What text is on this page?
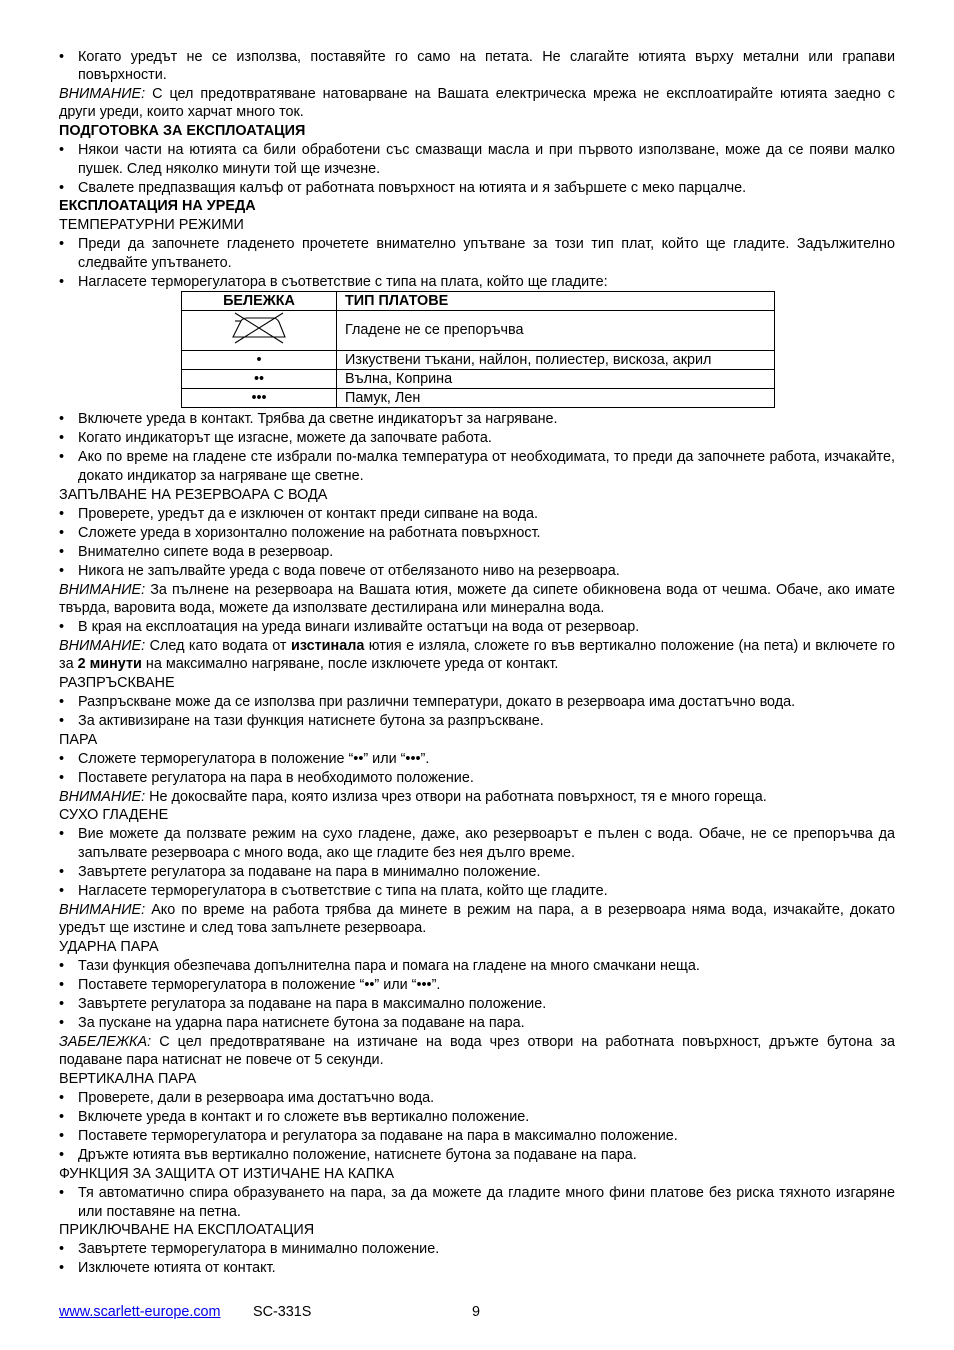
• Когато уредът не се използва, поставяйте го само на петата. Не слагайте ютията върху метални или грапави повърхности.

ВНИМАНИЕ: С цел предотвратяване натоварване на Вашата електрическа мрежа не експлоатирайте ютията заедно с други уреди, които харчат много ток.

ПОДГОТОВКА ЗА ЕКСПЛОАТАЦИЯ

• Някои части на ютията са били обработени със смазващи масла и при първото използване, може да се появи малко пушек. След няколко минути той ще изчезне.
• Свалете предпазващия калъф от работната повърхност на ютията и я забършете с меко парцалче.

ЕКСПЛОАТАЦИЯ НА УРЕДА

ТЕМПЕРАТУРНИ РЕЖИМИ

• Преди да започнете гладенето прочетете внимателно упътване за този тип плат, който ще гладите. Задължително следвайте упътването.
• Нагласете терморегулатора в съответствие с типа на плата, който ще гладите:
БЕЛЕЖКА	ТИП ПЛАТОВЕ
	Гладене не се препоръчва
•	Изкуствени тъкани, найлон, полиестер, вискоза, акрил
••	Вълна, Коприна
•••	Памук, Лен
• Включете уреда в контакт. Трябва да светне индикаторът за нагряване.
• Когато индикаторът ще изгасне, можете да започвате работа.
• Ако по време на гладене сте избрали по-малка температура от необходимата, то преди да започнете работа, изчакайте, докато индикатор за нагряване ще светне.

ЗАПЪЛВАНЕ НА РЕЗЕРВОАРА С ВОДА

• Проверете, уредът да е изключен от контакт преди сипване на вода.
• Сложете уреда в хоризонтално положение на работната повърхност.
• Внимателно сипете вода в резервоар.
• Никога не запълвайте уреда с вода повече от отбелязаното ниво на резервоара.

ВНИМАНИЕ: За пълнене на резервоара на Вашата ютия, можете да сипете обикновена вода от чешма. Обаче, ако имате твърда, варовита вода, можете да използвате дестилирана или минерална вода.

• В края на експлоатация на уреда винаги изливайте остатъци на вода от резервоар.

ВНИМАНИЕ: След като водата от изстинала ютия е изляла, сложете го във вертикално положение (на пета) и включете го за 2 минути на максимално нагряване, после изключете уреда от контакт.

РАЗПРЪСКВАНЕ

• Разпръскване може да се използва при различни температури, докато в резервоара има достатъчно вода.
• За активизиране на тази функция натиснете бутона за разпръскване.

ПАРА

• Сложете терморегулатора в положение “••” или “•••”.
• Поставете регулатора на пара в необходимото положение.

ВНИМАНИЕ: Не докосвайте пара, която излиза чрез отвори на работната повърхност, тя е много гореща.

СУХО ГЛАДЕНЕ

• Вие можете да ползвате режим на сухо гладене, даже, ако резервоарът е пълен с вода. Обаче, не се препоръчва да запълвате резервоара с много вода, ако ще гладите без нея дълго време.
• Завъртете регулатора за подаване на пара в минимално положение.
• Нагласете терморегулатора в съответствие с типа на плата, който ще гладите.

ВНИМАНИЕ: Ако по време на работа трябва да минете в режим на пара, а в резервоара няма вода, изчакайте, докато уредът ще изстине и след това запълнете резервоара.

УДАРНА ПАРА

• Тази функция обезпечава допълнителна пара и помага на гладене на много смачкани неща.
• Поставете терморегулатора в положение “••” или “•••”.
• Завъртете регулатора за подаване на пара в максимално положение.
• За пускане на ударна пара натиснете бутона за подаване на пара.

ЗАБЕЛЕЖКА: С цел предотвратяване на изтичане на вода чрез отвори на работната повърхност, дръжте бутона за подаване пара натиснат не повече от 5 секунди.

ВЕРТИКАЛНА ПАРА

• Проверете, дали в резервоара има достатъчно вода.
• Включете уреда в контакт и го сложете във вертикално положение.
• Поставете терморегулатора и регулатора за подаване на пара в максимално положение.
• Дръжте ютията във вертикално положение, натиснете бутона за подаване на пара.

ФУНКЦИЯ ЗА ЗАЩИТА ОТ ИЗТИЧАНЕ НА КАПКА

• Тя автоматично спира образуването на пара, за да можете да гладите много фини платове без риска тяхното изгаряне или поставяне на петна.

ПРИКЛЮЧВАНЕ НА ЕКСПЛОАТАЦИЯ

• Завъртете терморегулатора в минимално положение.
• Изключете ютията от контакт.
www.scarlett-europe.com SC-331S	9
